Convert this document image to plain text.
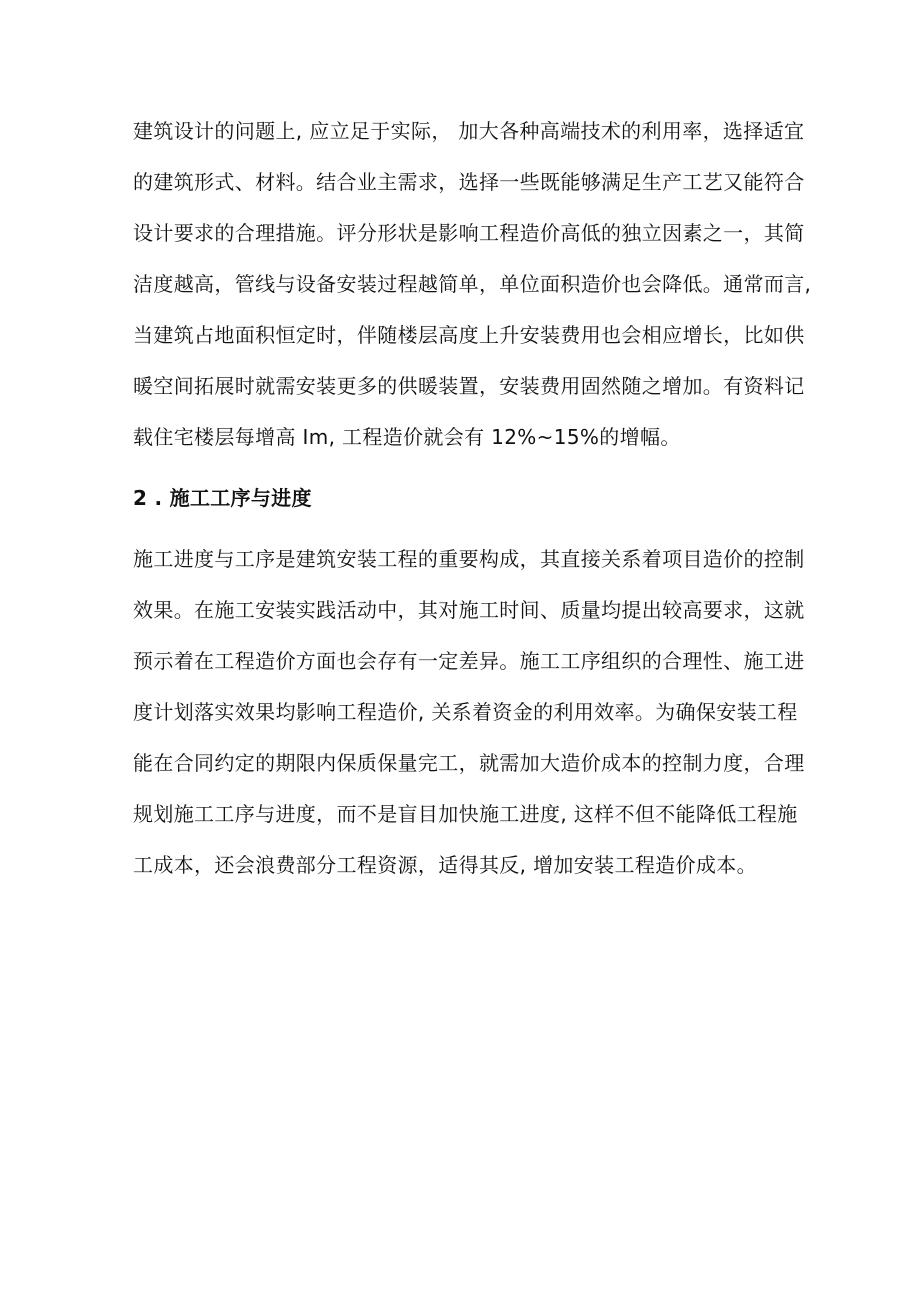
建筑设计的问题上, 应立足于实际， 加大各种高端技术的利用率，选择适宜
的建筑形式、材料。结合业主需求，选择一些既能够满足生产工艺又能符合
设计要求的合理措施。评分形状是影响工程造价高低的独立因素之一，其简
洁度越高，管线与设备安装过程越简单，单位面积造价也会降低。通常而言,
当建筑占地面积恒定时，伴随楼层高度上升安装费用也会相应增长，比如供
暖空间拓展时就需安装更多的供暖装置，安装费用固然随之增加。有资料记
载住宅楼层每增高 Im, 工程造价就会有 12%~15%的增幅。
2 . 施工工序与进度
施工进度与工序是建筑安装工程的重要构成，其直接关系着项目造价的控制
效果。在施工安装实践活动中，其对施工时间、质量均提出较高要求，这就
预示着在工程造价方面也会存有一定差异。施工工序组织的合理性、施工进
度计划落实效果均影响工程造价, 关系着资金的利用效率。为确保安装工程
能在合同约定的期限内保质保量完工，就需加大造价成本的控制力度，合理
规划施工工序与进度，而不是盲目加快施工进度, 这样不但不能降低工程施
工成本，还会浪费部分工程资源，适得其反, 增加安装工程造价成本。
